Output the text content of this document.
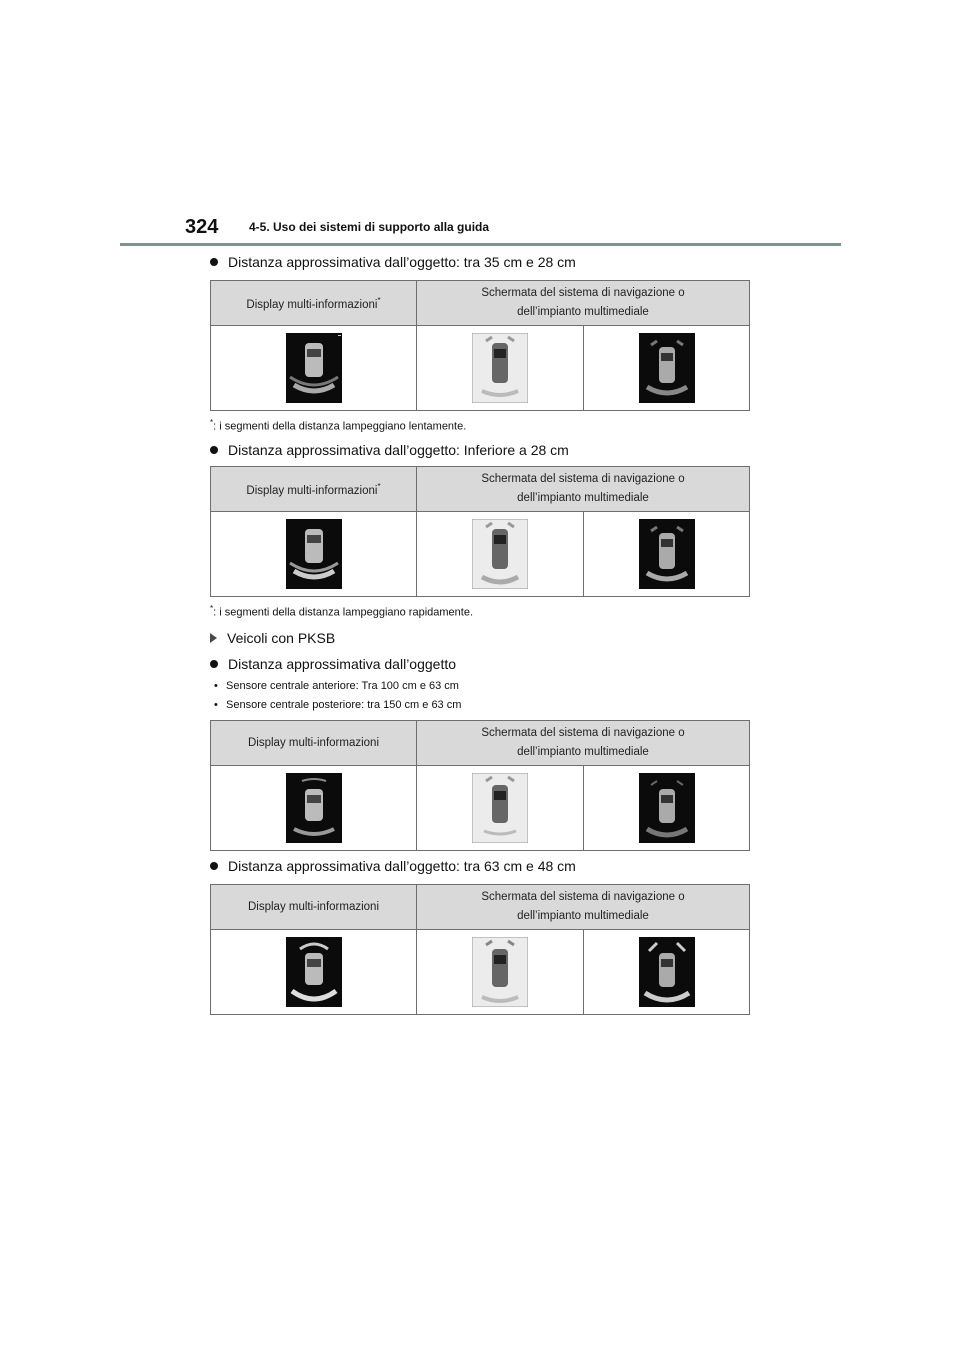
324	4-5. Uso dei sistemi di supporto alla guida
Distanza approssimativa dall’oggetto: tra 35 cm e 28 cm
Display multi-informazioni*	Schermata del sistema di navigazione o dell’impianto multimediale	

*: i segmenti della distanza lampeggiano lentamente.
Distanza approssimativa dall’oggetto: Inferiore a 28 cm
Display multi-informazioni*	Schermata del sistema di navigazione o dell’impianto multimediale	

*: i segmenti della distanza lampeggiano rapidamente.
Veicoli con PKSB
Distanza approssimativa dall’oggetto
• Sensore centrale anteriore: Tra 100 cm e 63 cm
• Sensore centrale posteriore: tra 150 cm e 63 cm
Display multi-informazioni	Schermata del sistema di navigazione o dell’impianto multimediale	

Distanza approssimativa dall’oggetto: tra 63 cm e 48 cm
Display multi-informazioni	Schermata del sistema di navigazione o dell’impianto multimediale	
